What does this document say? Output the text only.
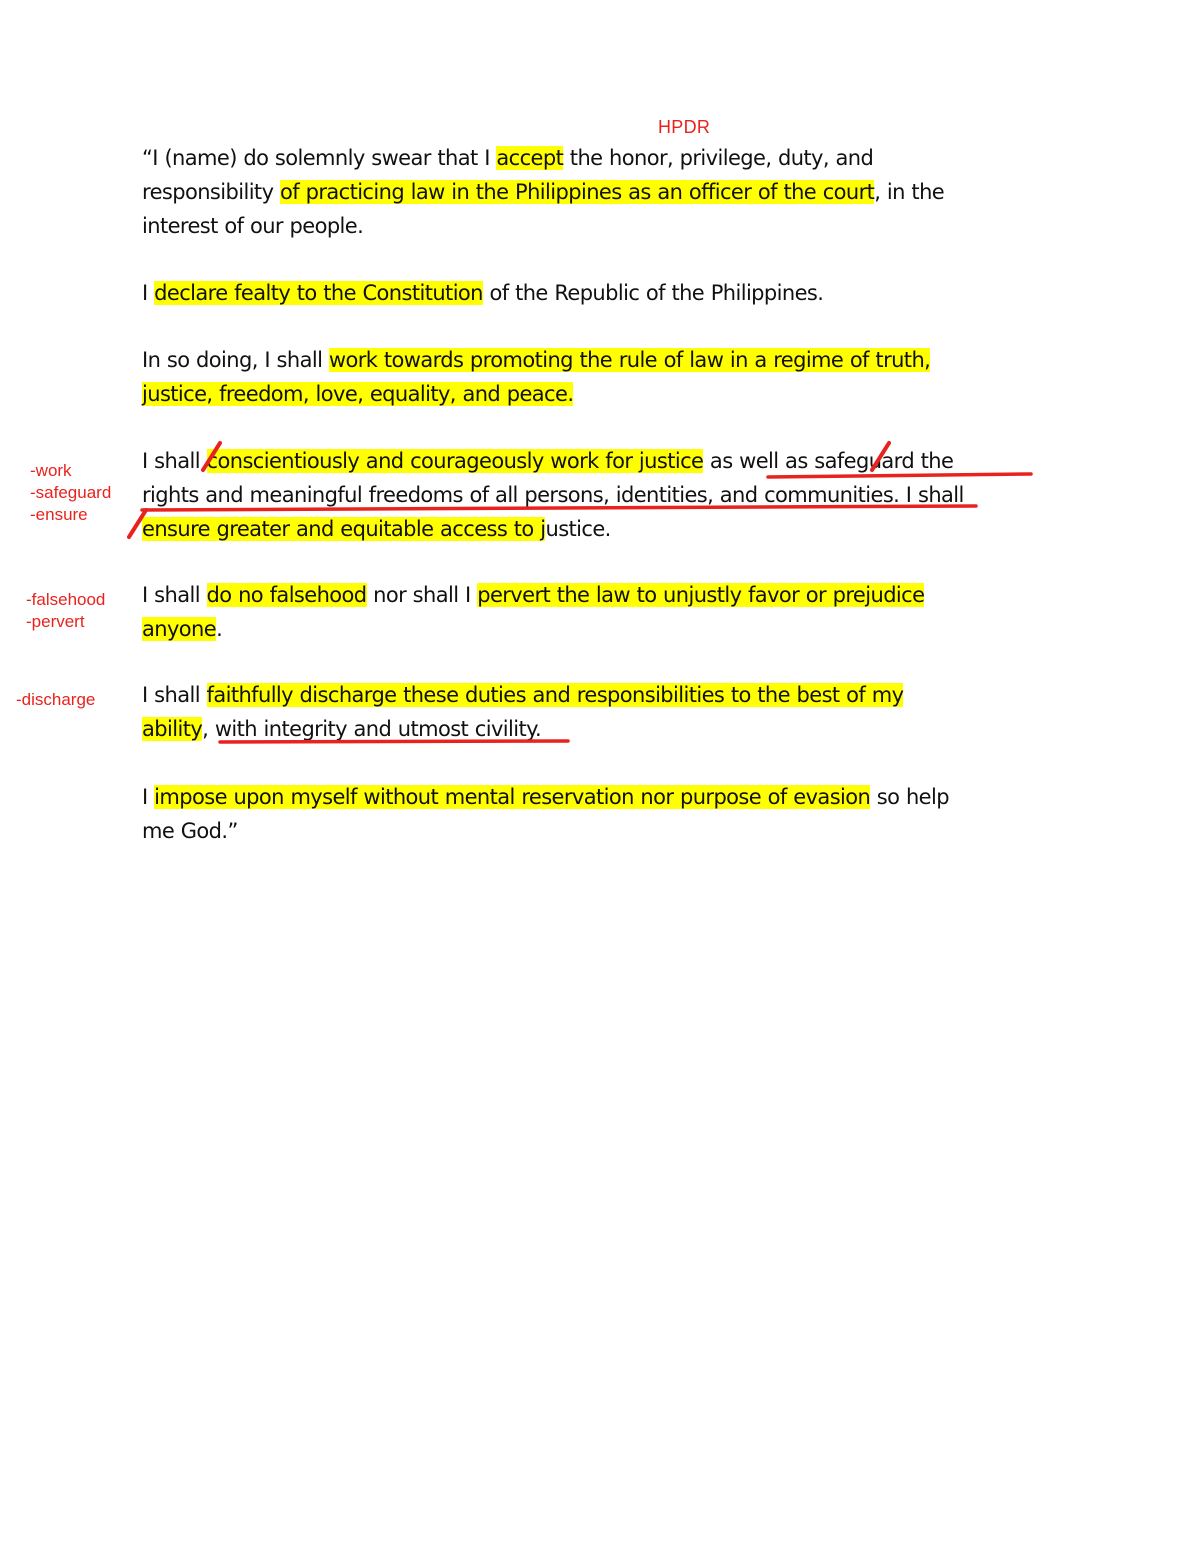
HPDR
“I (name) do solemnly swear that I accept the honor, privilege, duty, and
responsibility of practicing law in the Philippines as an officer of the court, in the
interest of our people.
I declare fealty to the Constitution of the Republic of the Philippines.
In so doing, I shall work towards promoting the rule of law in a regime of truth,
justice, freedom, love, equality, and peace.
I shall conscientiously and courageously work for justice as well as safeguard the
rights and meaningful freedoms of all persons, identities, and communities. I shall
ensure greater and equitable access to justice.
I shall do no falsehood nor shall I pervert the law to unjustly favor or prejudice
anyone.
I shall faithfully discharge these duties and responsibilities to the best of my
ability, with integrity and utmost civility.
I impose upon myself without mental reservation nor purpose of evasion so help
me God.”
-work
-safeguard
-ensure
-falsehood
-pervert
-discharge
